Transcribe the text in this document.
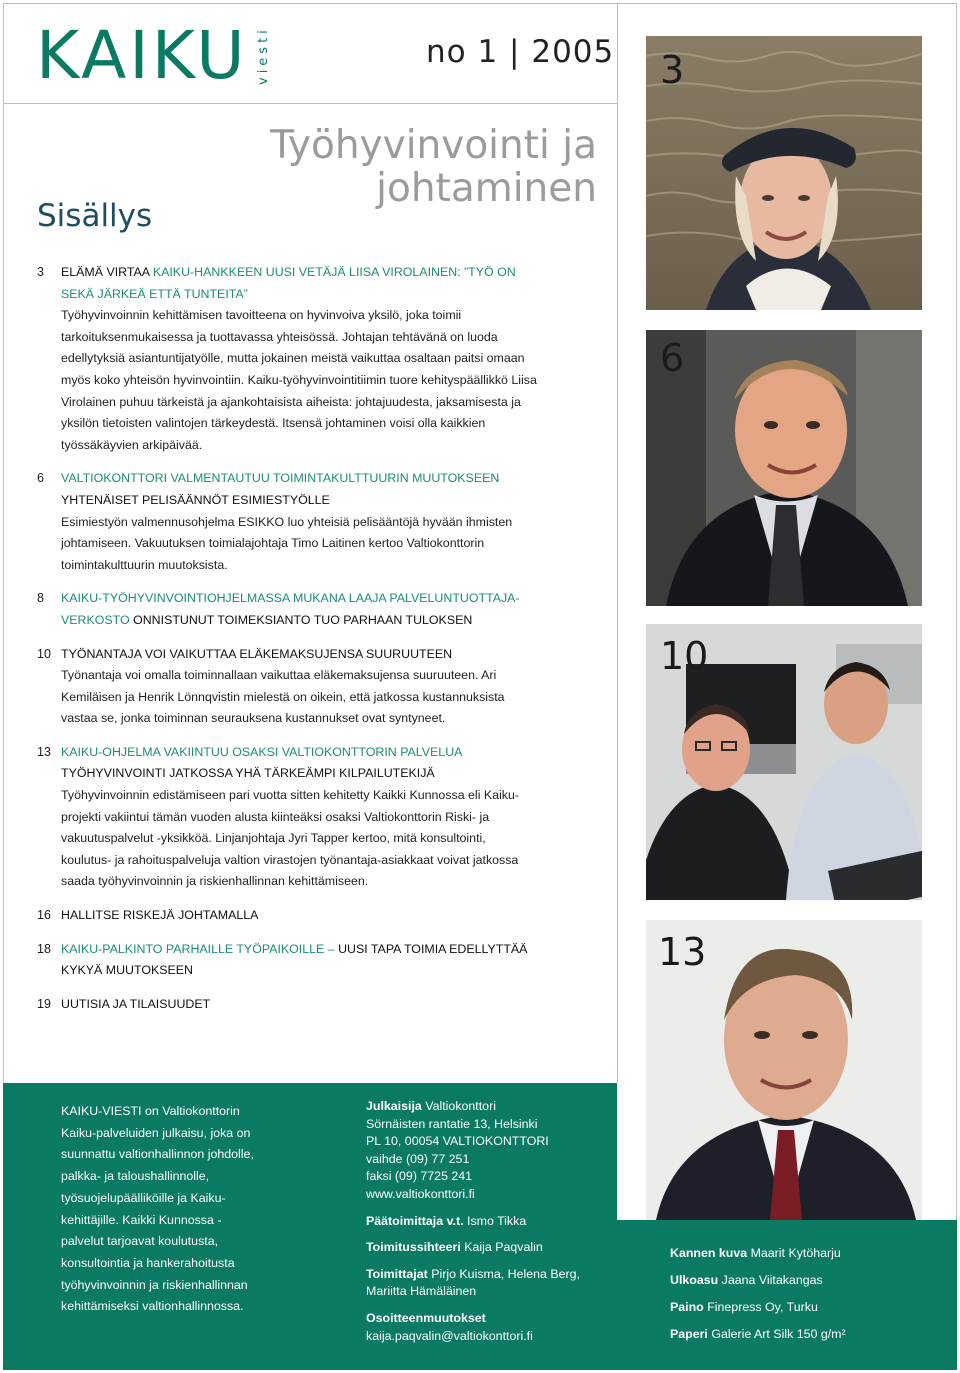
KAIKU viesti	no 1 | 2005
Työhyvinvointi ja
johtaminen
Sisällys
3	ELÄMÄ VIRTAA KAIKU-HANKKEEN UUSI VETÄJÄ LIISA VIROLAINEN: ”TYÖ ON SEKÄ JÄRKEÄ ETTÄ TUNTEITA”
Työhyvinvoinnin kehittämisen tavoitteena on hyvinvoiva yksilö, joka toimii tarkoituksenmukaisessa ja tuottavassa yhteisössä. Johtajan tehtävänä on luoda edellytyksiä asiantuntijatyölle, mutta jokainen meistä vaikuttaa osaltaan paitsi omaan myös koko yhteisön hyvinvointiin. Kaiku-työhyvinvointitiimin tuore kehityspäällikkö Liisa Virolainen puhuu tärkeistä ja ajankohtaisista aiheista: johtajuudesta, jaksamisesta ja yksilön tietoisten valintojen tärkeydestä. Itsensä johtaminen voisi olla kaikkien työssäkäyvien arkipäivää.
6	VALTIOKONTTORI VALMENTAUTUU TOIMINTAKULTTUURIN MUUTOKSEEN
YHTENÄISET PELISÄÄNNÖT ESIMIESTYÖLLE
Esimiestyön valmennusohjelma ESIKKO luo yhteisiä pelisääntöjä hyvään ihmisten johtamiseen. Vakuutuksen toimialajohtaja Timo Laitinen kertoo Valtiokonttorin toimintakulttuurin muutoksista.
8	KAIKU-TYÖHYVINVOINTIOHJELMASSA MUKANA LAAJA PALVELUNTUOTTAJA-VERKOSTO ONNISTUNUT TOIMEKSIANTO TUO PARHAAN TULOKSEN
10 TYÖNANTAJA VOI VAIKUTTAA ELÄKEMAKSUJENSA SUURUUTEEN
Työnantaja voi omalla toiminnallaan vaikuttaa eläkemaksujensa suuruuteen. Ari Kemiläisen ja Henrik Lönnqvistin mielestä on oikein, että jatkossa kustannuksista vastaa se, jonka toiminnan seurauksena kustannukset ovat syntyneet.
13 KAIKU-OHJELMA VAKIINTUU OSAKSI VALTIOKONTTORIN PALVELUA
TYÖHYVINVOINTI JATKOSSA YHÄ TÄRKEÄMPI KILPAILUTEKIJÄ
Työhyvinvoinnin edistämiseen pari vuotta sitten kehitetty Kaikki Kunnossa eli Kaiku-projekti vakiintui tämän vuoden alusta kiinteäksi osaksi Valtiokonttorin Riski- ja vakuutuspalvelut -yksikköä. Linjanjohtaja Jyri Tapper kertoo, mitä konsultointi, koulutus- ja rahoituspalveluja valtion virastojen työnantaja-asiakkaat voivat jatkossa saada työhyvinvoinnin ja riskienhallinnan kehittämiseen.
16 HALLITSE RISKEJÄ JOHTAMALLA
18 KAIKU-PALKINTO PARHAILLE TYÖPAIKOILLE – UUSI TAPA TOIMIA EDELLYTTÄÄ KYKYÄ MUUTOKSEEN
19 UUTISIA JA TILAISUUDET
3
6
10
13
KAIKU-VIESTI on Valtiokonttorin Kaiku-palveluiden julkaisu, joka on suunnattu valtionhallinnon johdolle, palkka- ja taloushallinnolle, työsuojelupäälliköille ja Kaiku-kehittäjille. Kaikki Kunnossa -palvelut tarjoavat koulutusta, konsultointia ja hankerahoitusta työhyvinvoinnin ja riskienhallinnan kehittämiseksi valtionhallinnossa.
Julkaisija Valtiokonttori
Sörnäisten rantatie 13, Helsinki
PL 10, 00054 VALTIOKONTTORI
vaihde (09) 77 251
faksi (09) 7725 241
www.valtiokonttori.fi
Päätoimittaja v.t. Ismo Tikka
Toimitussihteeri Kaija Paqvalin
Toimittajat Pirjo Kuisma, Helena Berg, Mariitta Hämäläinen
Osoitteenmuutokset
kaija.paqvalin@valtiokonttori.fi
Kannen kuva Maarit Kytöharju
Ulkoasu Jaana Viitakangas
Paino Finepress Oy, Turku
Paperi Galerie Art Silk 150 g/m²
